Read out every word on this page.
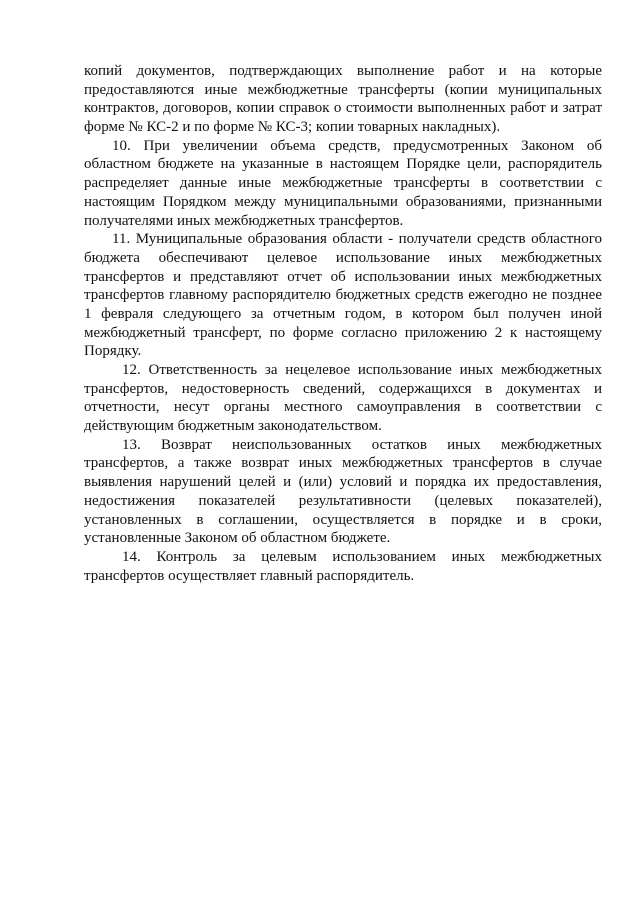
копий документов, подтверждающих выполнение работ и на которые
предоставляются иные межбюджетные трансферты (копии муниципальных
контрактов, договоров, копии справок о стоимости выполненных работ и затрат
форме № КС-2 и по форме № КС-3; копии товарных накладных).
10. При увеличении объема средств, предусмотренных Законом об
областном бюджете на указанные в настоящем Порядке цели, распорядитель
распределяет данные иные межбюджетные трансферты в соответствии с
настоящим Порядком между муниципальными образованиями, признанными
получателями иных межбюджетных трансфертов.
11. Муниципальные образования области - получатели средств областного
бюджета обеспечивают целевое использование иных межбюджетных
трансфертов и представляют отчет об использовании иных межбюджетных
трансфертов главному распорядителю бюджетных средств ежегодно не позднее
1 февраля следующего за отчетным годом, в котором был получен иной
межбюджетный трансферт, по форме согласно приложению 2 к настоящему
Порядку.
12. Ответственность за нецелевое использование иных межбюджетных
трансфертов, недостоверность сведений, содержащихся в документах и
отчетности, несут органы местного самоуправления в соответствии с
действующим бюджетным законодательством.
13. Возврат неиспользованных остатков иных межбюджетных
трансфертов, а также возврат иных межбюджетных трансфертов в случае
выявления нарушений целей и (или) условий и порядка их предоставления,
недостижения показателей результативности (целевых показателей),
установленных в соглашении, осуществляется в порядке и в сроки,
установленные Законом об областном бюджете.
14. Контроль за целевым использованием иных межбюджетных
трансфертов осуществляет главный распорядитель.
